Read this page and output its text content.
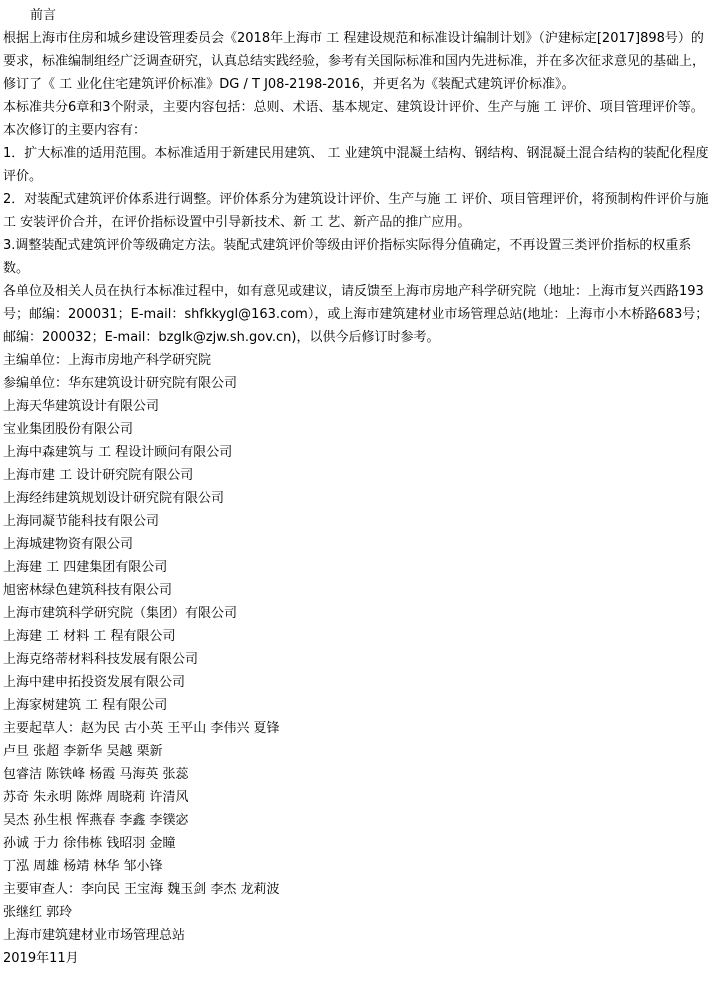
前言
根据上海市住房和城乡建设管理委员会《2018年上海市 工 程建设规范和标准设计编制计划》（沪建标定[2017]898号）的要求，标准编制组经广泛调查研究，认真总结实践经验，参考有关国际标准和国内先进标准，并在多次征求意见的基础上，修订了《 工 业化住宅建筑评价标准》DG / T J08-2198-2016，并更名为《装配式建筑评价标准》。
本标准共分6章和3个附录，主要内容包括：总则、术语、基本规定、建筑设计评价、生产与施 工 评价、项目管理评价等。
本次修订的主要内容有：
1．扩大标准的适用范围。本标准适用于新建民用建筑、 工 业建筑中混凝土结构、钢结构、钢混凝土混合结构的装配化程度评价。
2．对装配式建筑评价体系进行调整。评价体系分为建筑设计评价、生产与施 工 评价、项目管理评价，将预制构件评价与施 工 安装评价合并，在评价指标设置中引导新技术、新 工 艺、新产品的推广应用。
3.调整装配式建筑评价等级确定方法。装配式建筑评价等级由评价指标实际得分值确定，不再设置三类评价指标的权重系数。
各单位及相关人员在执行本标准过程中，如有意见或建议，请反馈至上海市房地产科学研究院（地址：上海市复兴西路193号；邮编：200031；E-mail：shfkkygl@163.com），或上海市建筑建材业市场管理总站(地址：上海市小木桥路683号；邮编：200032；E-mail：bzglk@zjw.sh.gov.cn)，以供今后修订时参考。
主编单位：上海市房地产科学研究院
参编单位：华东建筑设计研究院有限公司
上海天华建筑设计有限公司
宝业集团股份有限公司
上海中森建筑与 工 程设计顾问有限公司
上海市建 工 设计研究院有限公司
上海经纬建筑规划设计研究院有限公司
上海同凝节能科技有限公司
上海城建物资有限公司
上海建 工 四建集团有限公司
旭密林绿色建筑科技有限公司
上海市建筑科学研究院（集团）有限公司
上海建 工 材料 工 程有限公司
上海克络蒂材料科技发展有限公司
上海中建申拓投资发展有限公司
上海家树建筑 工 程有限公司
主要起草人：赵为民 古小英 王平山 李伟兴 夏锋
卢旦 张超 李新华 吴越 栗新
包睿洁 陈铁峰 杨霞 马海英 张蕊
苏奇 朱永明 陈烨 周晓莉 许清风
吴杰 孙生根 恽燕春 李鑫 李镤宓
孙诚 于力 徐伟栋 钱昭羽 金瞳
丁泓 周雄 杨靖 林华 邹小锋
主要审查人：李向民 王宝海 魏玉剑 李杰 龙莉波
张继红 郭玲
上海市建筑建材业市场管理总站
2019年11月
